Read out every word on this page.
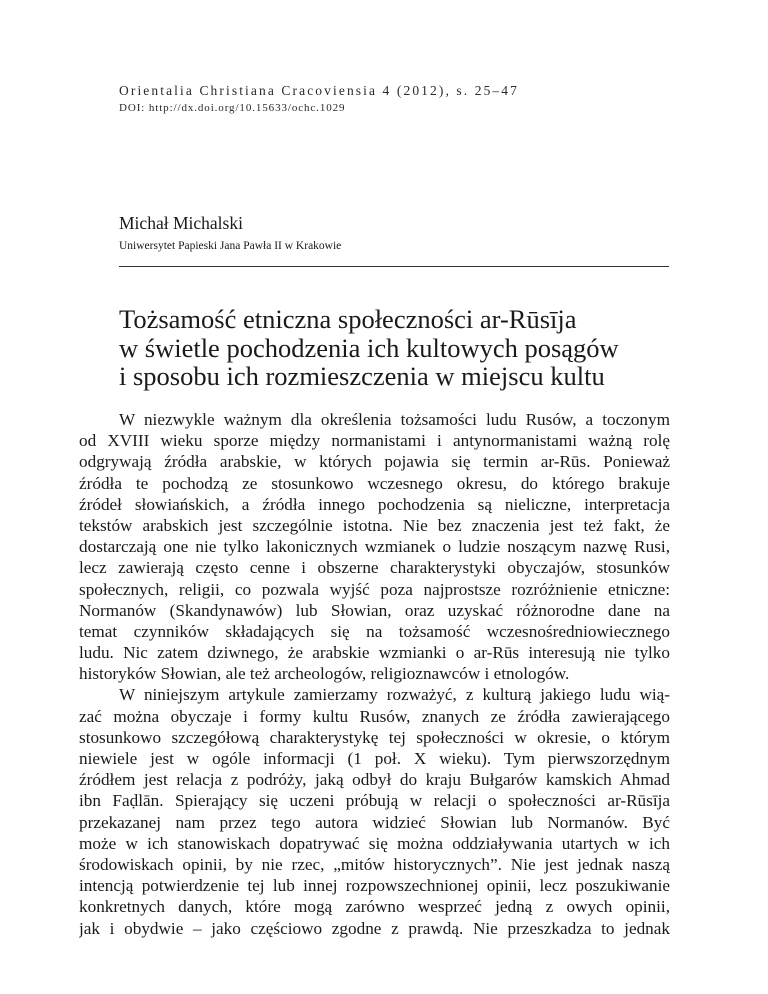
Orientalia Christiana Cracoviensia 4 (2012), s. 25–47
DOI: http://dx.doi.org/10.15633/ochc.1029
Michał Michalski
Uniwersytet Papieski Jana Pawła II w Krakowie
Tożsamość etniczna społeczności ar-Rūsīja
w świetle pochodzenia ich kultowych posągów
i sposobu ich rozmieszczenia w miejscu kultu
W niezwykle ważnym dla określenia tożsamości ludu Rusów, a toczonym
od XVIII wieku sporze między normanistami i antynormanistami ważną rolę
odgrywają źródła arabskie, w których pojawia się termin ar-Rūs. Ponieważ
źródła te pochodzą ze stosunkowo wczesnego okresu, do którego brakuje
źródeł słowiańskich, a źródła innego pochodzenia są nieliczne, interpretacja
tekstów arabskich jest szczególnie istotna. Nie bez znaczenia jest też fakt, że
dostarczają one nie tylko lakonicznych wzmianek o ludzie noszącym nazwę Rusi,
lecz zawierają często cenne i obszerne charakterystyki obyczajów, stosunków
społecznych, religii, co pozwala wyjść poza najprostsze rozróżnienie etniczne:
Normanów (Skandynawów) lub Słowian, oraz uzyskać różnorodne dane na
temat czynników składających się na tożsamość wczesnośredniowiecznego
ludu. Nic zatem dziwnego, że arabskie wzmianki o ar-Rūs interesują nie tylko
historyków Słowian, ale też archeologów, religioznawców i etnologów.
W niniejszym artykule zamierzamy rozważyć, z kulturą jakiego ludu wią-
zać można obyczaje i formy kultu Rusów, znanych ze źródła zawierającego
stosunkowo szczegółową charakterystykę tej społeczności w okresie, o którym
niewiele jest w ogóle informacji (1 poł. X wieku). Tym pierwszorzędnym
źródłem jest relacja z podróży, jaką odbył do kraju Bułgarów kamskich Ahmad
ibn Faḍlān. Spierający się uczeni próbują w relacji o społeczności ar-Rūsīja
przekazanej nam przez tego autora widzieć Słowian lub Normanów. Być
może w ich stanowiskach dopatrywać się można oddziaływania utartych w ich
środowiskach opinii, by nie rzec, „mitów historycznych”. Nie jest jednak naszą
intencją potwierdzenie tej lub innej rozpowszechnionej opinii, lecz poszukiwanie
konkretnych danych, które mogą zarówno wesprzeć jedną z owych opinii,
jak i obydwie – jako częściowo zgodne z prawdą. Nie przeszkadza to jednak
